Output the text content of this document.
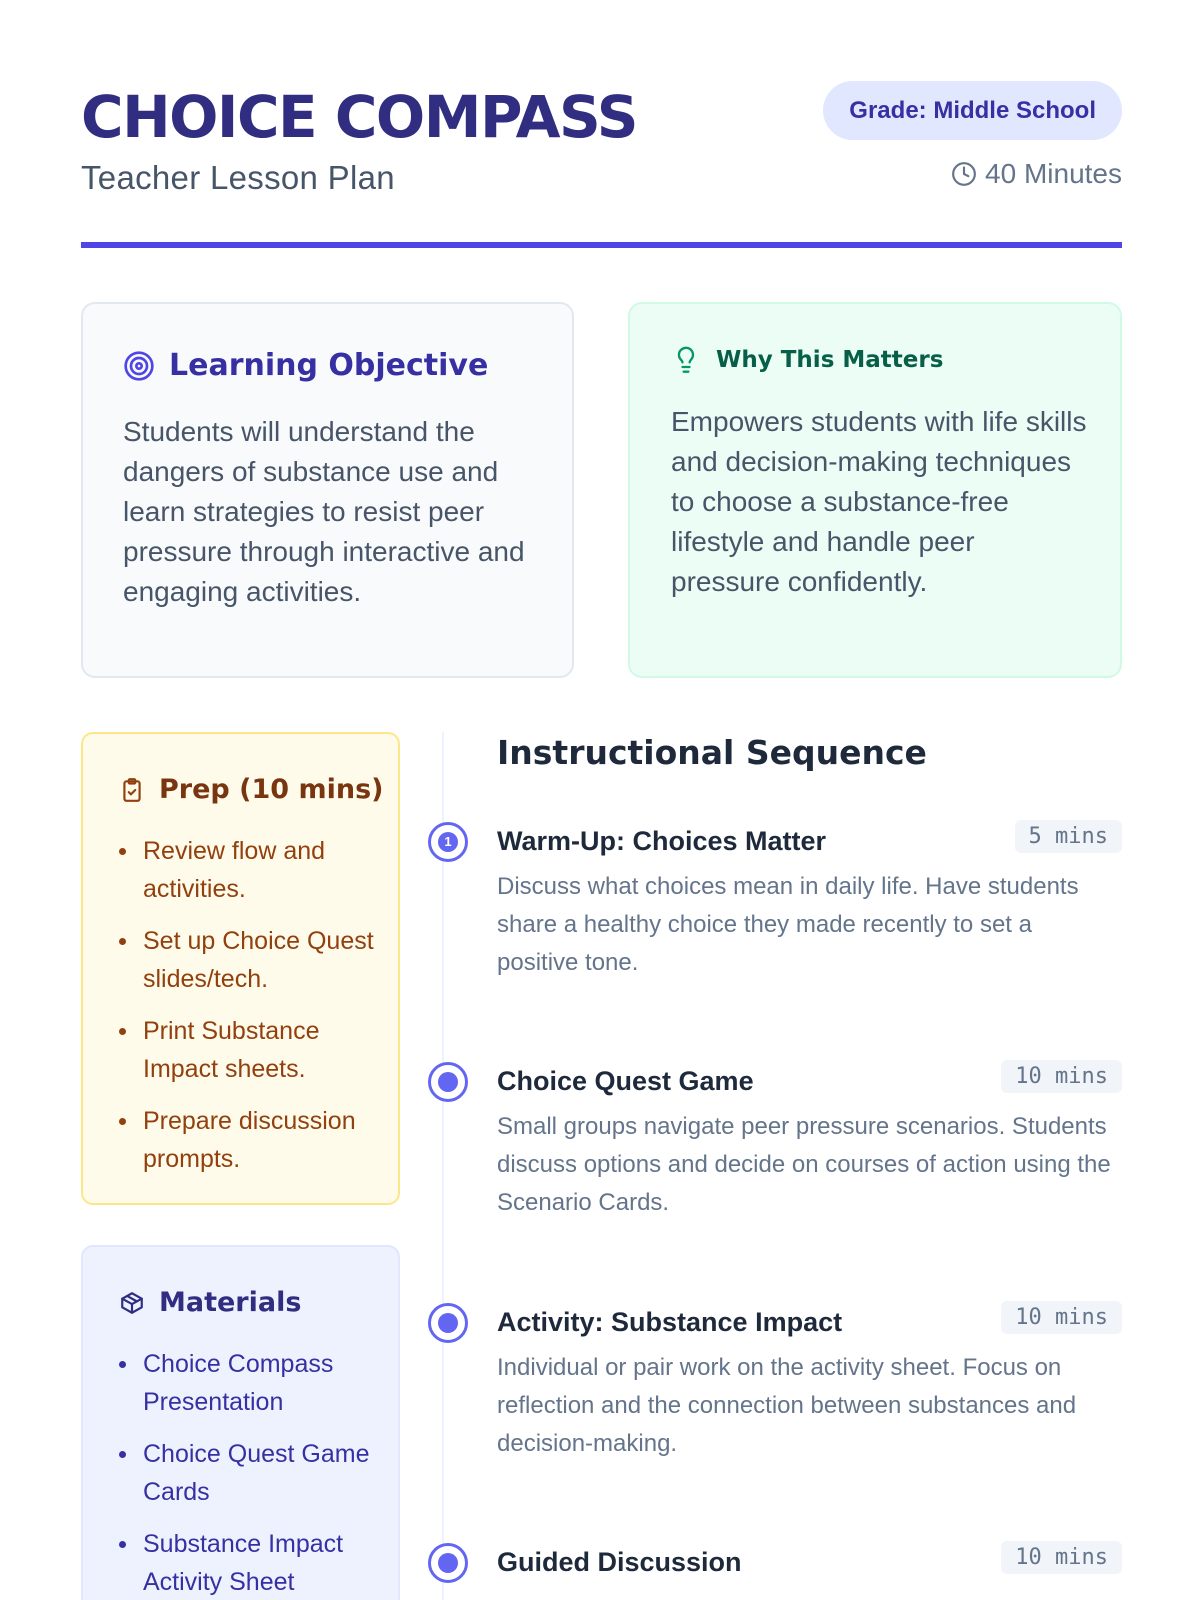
CHOICE COMPASS
Teacher Lesson Plan
Grade: Middle School
40 Minutes
Learning Objective

Students will understand the dangers of substance use and learn strategies to resist peer pressure through interactive and engaging activities.

Why This Matters

Empowers students with life skills and decision-making techniques to choose a substance-free lifestyle and handle peer pressure confidently.

Prep (10 mins)
Review flow and activities.
Set up Choice Quest slides/tech.
Print Substance Impact sheets.
Prepare discussion prompts.
Materials
Choice Compass Presentation
Choice Quest Game Cards
Substance Impact Activity Sheet
Instructional Sequence
1 Warm-Up: Choices Matter	5 mins

Discuss what choices mean in daily life. Have students share a healthy choice they made recently to set a positive tone.

Choice Quest Game	10 mins

Small groups navigate peer pressure scenarios. Students discuss options and decide on courses of action using the Scenario Cards.

Activity: Substance Impact	10 mins

Individual or pair work on the activity sheet. Focus on reflection and the connection between substances and decision-making.

Guided Discussion	10 mins
